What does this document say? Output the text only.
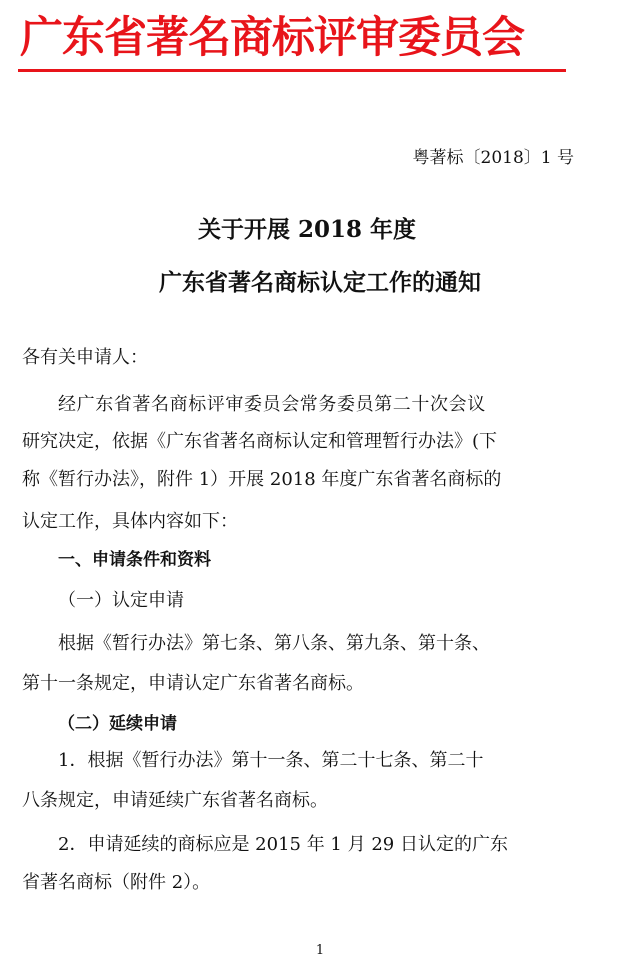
广东省著名商标评审委员会
粤著标〔2018〕1 号
关于开展 2018 年度
广东省著名商标认定工作的通知
各有关申请人：
经广东省著名商标评审委员会常务委员第二十次会议
研究决定，依据《广东省著名商标认定和管理暂行办法》(下
称《暂行办法》，附件 1）开展 2018 年度广东省著名商标的
认定工作，具体内容如下：
一、申请条件和资料
（一）认定申请
根据《暂行办法》第七条、第八条、第九条、第十条、
第十一条规定，申请认定广东省著名商标。
（二）延续申请
1．根据《暂行办法》第十一条、第二十七条、第二十
八条规定，申请延续广东省著名商标。
2．申请延续的商标应是 2015 年 1 月 29 日认定的广东
省著名商标（附件 2）。
1
